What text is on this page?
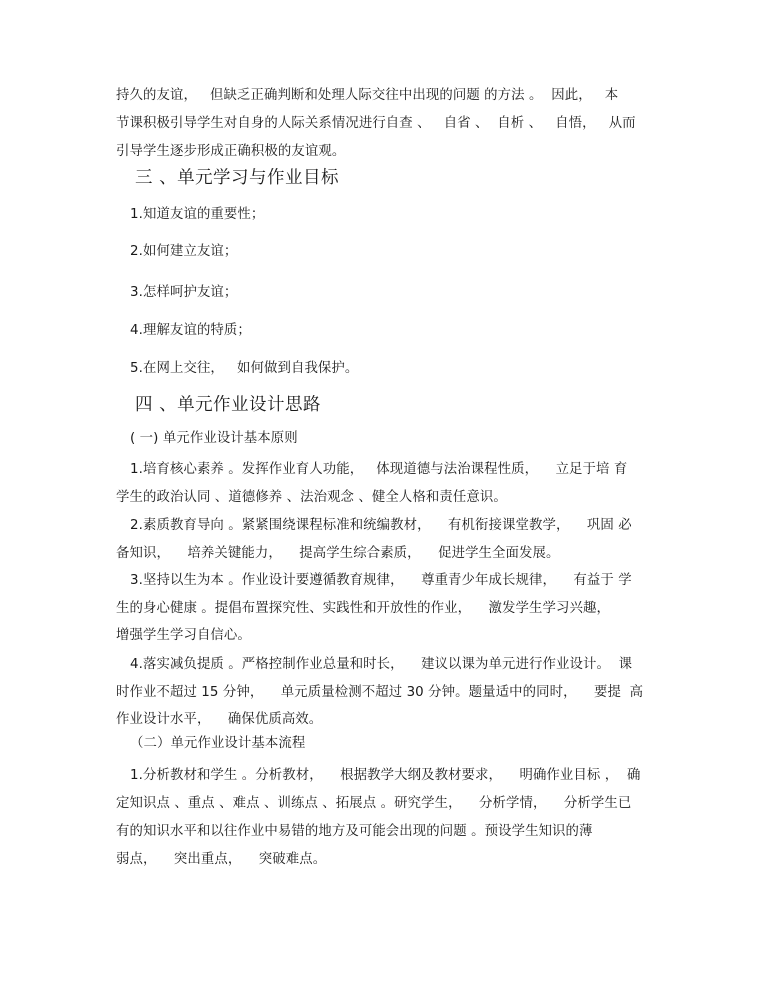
持久的友谊，   但缺乏正确判断和处理人际交往中出现的问题 的方法 。  因此，   本
节课积极引导学生对自身的人际关系情况进行自查 、   自省 、  自析 、   自悟，   从而
引导学生逐步形成正确积极的友谊观。
三 、单元学习与作业目标
1.知道友谊的重要性；
2.如何建立友谊；
3.怎样呵护友谊；
4.理解友谊的特质；
5.在网上交往，   如何做到自我保护。
四 、单元作业设计思路
( 一) 单元作业设计基本原则
1.培育核心素养 。发挥作业育人功能，   体现道德与法治课程性质，    立足于培 育
学生的政治认同 、道德修养 、法治观念 、健全人格和责任意识。
2.素质教育导向 。紧紧围绕课程标准和统编教材，    有机衔接课堂教学，    巩固 必
备知识，    培养关键能力，    提高学生综合素质，    促进学生全面发展。
3.坚持以生为本 。作业设计要遵循教育规律，    尊重青少年成长规律，    有益于 学
生的身心健康 。提倡布置探究性、实践性和开放性的作业，    激发学生学习兴趣，
增强学生学习自信心。
4.落实减负提质 。严格控制作业总量和时长，    建议以课为单元进行作业设计。  课
时作业不超过 15 分钟，    单元质量检测不超过 30 分钟。题量适中的同时，    要提  高
作业设计水平，    确保优质高效。
（二）单元作业设计基本流程
1.分析教材和学生 。分析教材，    根据教学大纲及教材要求，    明确作业目标 ，  确
定知识点 、重点 、难点 、训练点 、拓展点 。研究学生，    分析学情，    分析学生已
有的知识水平和以往作业中易错的地方及可能会出现的问题 。预设学生知识的薄
弱点，    突出重点，    突破难点。
